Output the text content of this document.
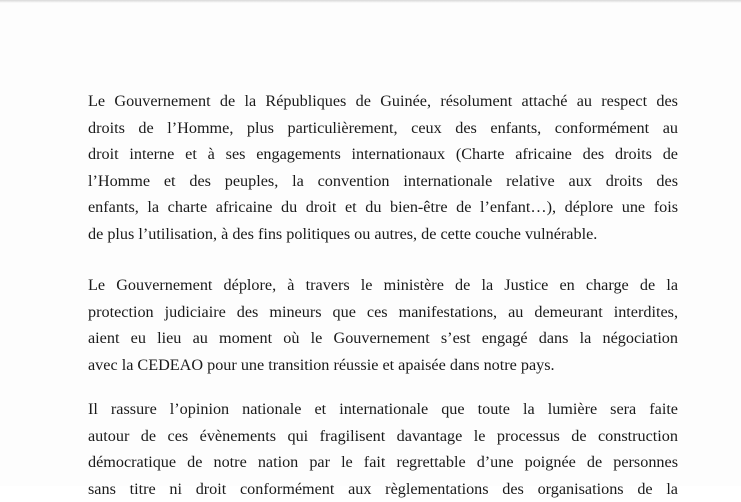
Le Gouvernement de la Républiques de Guinée, résolument attaché au respect des
droits de l’Homme, plus particulièrement, ceux des enfants, conformément au
droit interne et à ses engagements internationaux (Charte africaine des droits de
l’Homme et des peuples, la convention internationale relative aux droits des
enfants, la charte africaine du droit et du bien-être de l’enfant…), déplore une fois
de plus l’utilisation, à des fins politiques ou autres, de cette couche vulnérable.
Le Gouvernement déplore, à travers le ministère de la Justice en charge de la
protection judiciaire des mineurs que ces manifestations, au demeurant interdites,
aient eu lieu au moment où le Gouvernement s’est engagé dans la négociation
avec la CEDEAO pour une transition réussie et apaisée dans notre pays.
Il rassure l’opinion nationale et internationale que toute la lumière sera faite
autour de ces évènements qui fragilisent davantage le processus de construction
démocratique de notre nation par le fait regrettable d’une poignée de personnes
sans titre ni droit conformément aux règlementations des organisations de la
